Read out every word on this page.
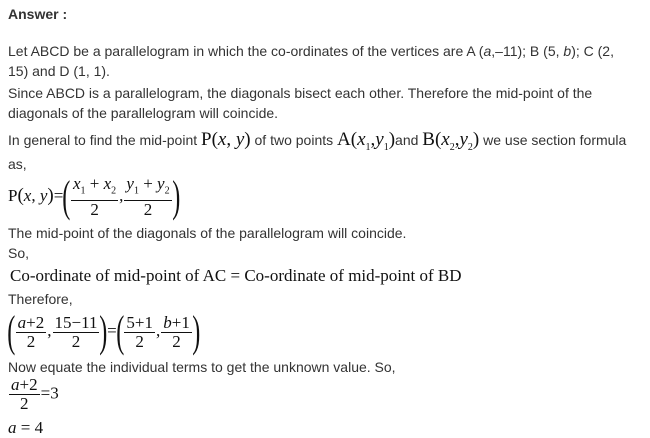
Answer :
Let ABCD be a parallelogram in which the co-ordinates of the vertices are A (a,–11); B (5, b); C (2,
15) and D (1, 1).
Since ABCD is a parallelogram, the diagonals bisect each other. Therefore the mid-point of the
diagonals of the parallelogram will coincide.
In general to find the mid-point P(x, y) of two points $A(x_1,y_1)and$ $B(x_2,y_2)$ we use section formula
as,
P(x, $y)=( \frac{x_1 + x_2}{2}$ , $\frac{y_1 + y_2}{2}$ )
The mid-point of the diagonals of the parallelogram will coincide.
So,
Co-ordinate of mid-point of AC = Co-ordinate of mid-point of BD
Therefore,
( $\frac{a+2}{2}$ , $\frac{15-11}{2}$ )=( $\frac{5+1}{2}$ , $\frac{b+1}{2}$ )
Now equate the individual terms to get the unknown value. So,
$\frac{a+2}{2} =3$
a = 4
